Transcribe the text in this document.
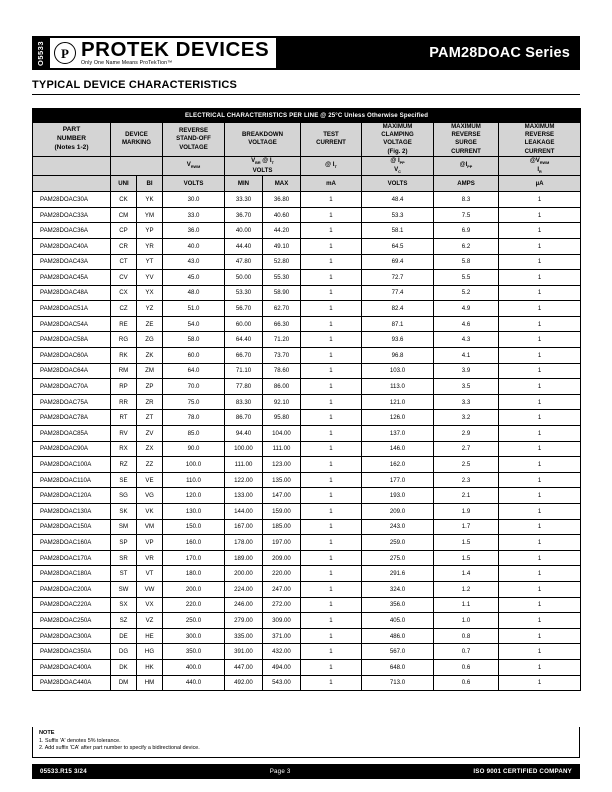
O5533 P PROTEK DEVICES
Only One Name Means ProTekTion™
PAM28DOAC Series
TYPICAL DEVICE CHARACTERISTICS
ELECTRICAL CHARACTERISTICS PER LINE @ 25°C Unless Otherwise Specified									

PART
NUMBER
(Notes 1-2)

DEVICE
MARKING

REVERSE
STAND-OFF
VOLTAGE

BREAKDOWN
VOLTAGE

TEST
CURRENT

MAXIMUM
CLAMPING
VOLTAGE
(Fig. 2)

MAXIMUM
REVERSE
SURGE
CURRENT

MAXIMUM
REVERSE
LEAKAGE
CURRENT

		$V_{RWM}$	
$V_{BR}$ @ $I_T$
VOLTS
	@ $I_T$	
@ $I_{PP}$
$V_C$
	$@I_{PP}$	
$@V_{RWM}$
$I_R$

	UNI	BI	VOLTS	MIN	MAX	mA	VOLTS	AMPS	µA
PAM28DOAC30A	CK	YK	30.0	33.30	36.80	1	48.4	8.3	1
PAM28DOAC33A	CM	YM	33.0	36.70	40.60	1	53.3	7.5	1
PAM28DOAC36A	CP	YP	36.0	40.00	44.20	1	58.1	6.9	1
PAM28DOAC40A	CR	YR	40.0	44.40	49.10	1	64.5	6.2	1
PAM28DOAC43A	CT	YT	43.0	47.80	52.80	1	69.4	5.8	1
PAM28DOAC45A	CV	YV	45.0	50.00	55.30	1	72.7	5.5	1
PAM28DOAC48A	CX	YX	48.0	53.30	58.90	1	77.4	5.2	1
PAM28DOAC51A	CZ	YZ	51.0	56.70	62.70	1	82.4	4.9	1
PAM28DOAC54A	RE	ZE	54.0	60.00	66.30	1	87.1	4.6	1
PAM28DOAC58A	RG	ZG	58.0	64.40	71.20	1	93.6	4.3	1
PAM28DOAC60A	RK	ZK	60.0	66.70	73.70	1	96.8	4.1	1
PAM28DOAC64A	RM	ZM	64.0	71.10	78.60	1	103.0	3.9	1
PAM28DOAC70A	RP	ZP	70.0	77.80	86.00	1	113.0	3.5	1
PAM28DOAC75A	RR	ZR	75.0	83.30	92.10	1	121.0	3.3	1
PAM28DOAC78A	RT	ZT	78.0	86.70	95.80	1	126.0	3.2	1
PAM28DOAC85A	RV	ZV	85.0	94.40	104.00	1	137.0	2.9	1
PAM28DOAC90A	RX	ZX	90.0	100.00	111.00	1	146.0	2.7	1
PAM28DOAC100A	RZ	ZZ	100.0	111.00	123.00	1	162.0	2.5	1
PAM28DOAC110A	SE	VE	110.0	122.00	135.00	1	177.0	2.3	1
PAM28DOAC120A	SG	VG	120.0	133.00	147.00	1	193.0	2.1	1
PAM28DOAC130A	SK	VK	130.0	144.00	159.00	1	209.0	1.9	1
PAM28DOAC150A	SM	VM	150.0	167.00	185.00	1	243.0	1.7	1
PAM28DOAC160A	SP	VP	160.0	178.00	197.00	1	259.0	1.5	1
PAM28DOAC170A	SR	VR	170.0	189.00	209.00	1	275.0	1.5	1
PAM28DOAC180A	ST	VT	180.0	200.00	220.00	1	291.6	1.4	1
PAM28DOAC200A	SW	VW	200.0	224.00	247.00	1	324.0	1.2	1
PAM28DOAC220A	SX	VX	220.0	246.00	272.00	1	356.0	1.1	1
PAM28DOAC250A	SZ	VZ	250.0	279.00	309.00	1	405.0	1.0	1
PAM28DOAC300A	DE	HE	300.0	335.00	371.00	1	486.0	0.8	1
PAM28DOAC350A	DG	HG	350.0	391.00	432.00	1	567.0	0.7	1
PAM28DOAC400A	DK	HK	400.0	447.00	494.00	1	648.0	0.6	1
PAM28DOAC440A	DM	HM	440.0	492.00	543.00	1	713.0	0.6	1
NOTE
1. Suffix 'A' denotes 5% tolerance.
2. Add suffix 'CA' after part number to specify a bidirectional device.
05533.R15 3/24	Page 3	ISO 9001 CERTIFIED COMPANY
